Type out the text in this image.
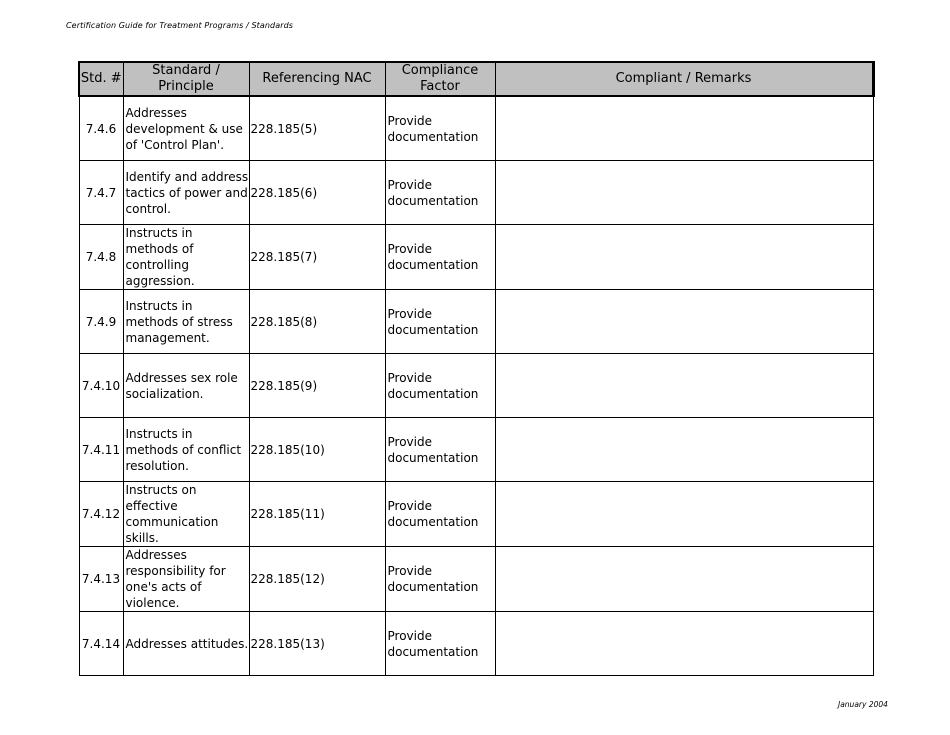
Certification Guide for Treatment Programs / Standards
Std. #	Standard / Principle	Referencing NAC	Compliance Factor	Compliant / Remarks
7.4.6	Addresses development & use of 'Control Plan'.	228.185(5)	Provide documentation	
7.4.7	Identify and address tactics of power and control.	228.185(6)	Provide documentation	
7.4.8	Instructs in methods of controlling aggression.	228.185(7)	Provide documentation	
7.4.9	Instructs in methods of stress management.	228.185(8)	Provide documentation	
7.4.10	Addresses sex role socialization.	228.185(9)	Provide documentation	
7.4.11	Instructs in methods of conflict resolution.	228.185(10)	Provide documentation	
7.4.12	Instructs on effective communication skills.	228.185(11)	Provide documentation	
7.4.13	Addresses responsibility for one's acts of violence.	228.185(12)	Provide documentation	
7.4.14	Addresses attitudes.	228.185(13)	Provide documentation	
January 2004
